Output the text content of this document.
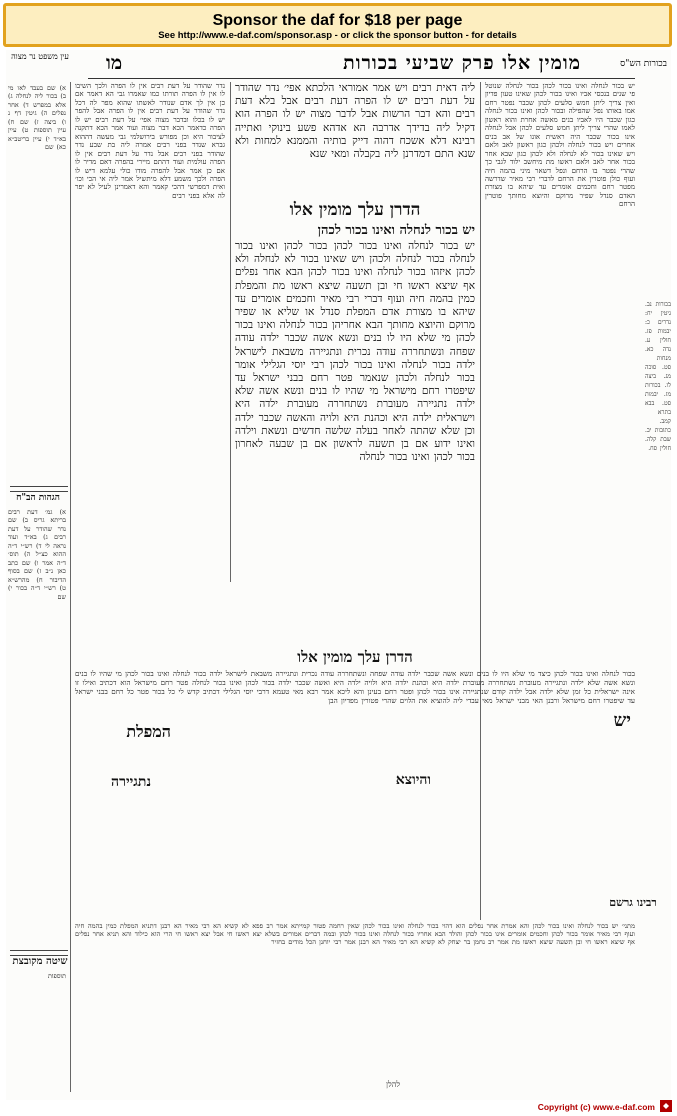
Sponsor the daf for $18 per page
See http://www.e-daf.com/sponsor.asp - or click the sponsor button - for details
בכורות הש"ס
מומין אלו פרק שביעי בכורות
מו
עין משפט נר מצוה
בכורות נב. גיטין יח: נדרים כ: יבמות פז. חולין ע. נדה כא. מנחות סט. סוכה מג. ביצה לו. בכורות מז. יבמות סט. בבא בתרא קמב. כתובות יב. שבת קלה. חולין סח.
יש בכור לנחלה ואינו בכור לכהן בכור לנחלה שנוטל פי שנים בנכסי אביו ואינו בכור לכהן שאינו טעון פדיון ואין צריך ליתן חמש סלעים לכהן שכבר נפטר רחם אמו באותו נפל שהפילה ובכור לכהן ואינו בכור לנחלה כגון שכבר היו לאביו בנים מאשה אחרת והוא ראשון לאמו שהרי צריך ליתן חמש סלעים לכהן אבל לנחלה אינו בכור שכבר היה ראשית אונו של אב בנים אחרים ויש בכור לנחלה ולכהן כגון ראשון לאב ולאם ויש שאינו בכור לא לנחלה ולא לכהן כגון שבא אחר בכור אחר לאב ולאם ראשו מת מיחשב ילוד לגבי כך שהרי נפטר בו הרחם ונפל דשאר מיני בהמה חיה ועוף כולן פוטרין את הרחם לדברי רבי מאיר שדרשה מפטר רחם וחכמים אומרים עד שיהא בו מצורת האדם סנדל שפיר מרוקם והיוצא מחותך פוטרין הרחם
ליה דאית רבים ויש אמר אמוראי הלכתא אפי׳ נדר שהודר על דעת רבים יש לו הפרה דעת רבים אבל בלא דעת רבים והא דבר הרשות אבל לדבר מצוה יש לו הפרה הוא דקיל ליה בדידך אדרבה הא אדהא פשע בינוקי ואתייה רבינא דלא אשכח דהוה דייק בותיה והממנא למחות ולא שנא התם דמדרנן ליה בקבלה ומאי שנא
הדרן עלך מומין אלו
יש בכור לנחלה ואינו בכור לכהן
יש בכור לנחלה ואינו בכור לכהן בכור לכהן ואינו בכור לנחלה בכור לנחלה ולכהן ויש שאינו בכור לא לנחלה ולא לכהן איזהו בכור לנחלה ואינו בכור לכהן הבא אחר נפלים אף שיצא ראשו חי ובן תשעה שיצא ראשו מת והמפלת כמין בהמה חיה ועוף דברי רבי מאיר וחכמים אומרים עד שיהא בו מצורת אדם המפלת סנדל או שליא או שפיר מרוקם והיוצא מחותך הבא אחריהן בכור לנחלה ואינו בכור לכהן מי שלא היו לו בנים ונשא אשה שכבר ילדה עודה שפחה ונשתחררה עודה נכרית ונתגיירה משבאת לישראל ילדה בכור לנחלה ואינו בכור לכהן רבי יוסי הגלילי אומר בכור לנחלה ולכהן שנאמר פטר רחם בבני ישראל עד שיפטרו רחם מישראל מי שהיו לו בנים ונשא אשה שלא ילדה נתגיירה מעוברת נשתחררה מעוברת ילדה היא וישראלית ילדה היא וכהנת היא ולויה והאשה שכבר ילדה וכן שלא שהתה לאחר בעלה שלשה חדשים ונשאת וילדה ואינו ידוע אם בן תשעה לראשון אם בן שבעה לאחרון בכור לכהן ואינו בכור לנחלה
נדר שהודר על דעת רבים אין לו הפרה ולכך השיבו לו אין לו הפרה תורתו כמו שאמרו גבי הא דאמר אם כן אין לך אדם שנודר לאשתו שהוא מפר לה דכל נדר שהודר על דעת רבים אין לו הפרה אבל להפר יש לו בכלו ובדבר מצוה אפי׳ על דעת רבים יש לו הפרה כדאמר הכא דבר מצוה ועוד אמר הכא דתקנה לציבור היא וכן מפורש בירושלמי גבי מעשה דההוא גברא שנדר בפני רבים אמרה ליה בת שבע נדר שהודר בפני רבים אבל נדר על דעת רבים אין לו הפרה עולמית ועוד דהתם מיירי בהפרה דאם מדיר לו אם כן אמר אבל להפרה מודו כולי עלמא דיש לו הפרה ולכך משמע דלא מיתשיל אמר ליה אי הכי וכו׳ ואית דמפרשי דהכי קאמר והא דאמרינן לעיל לא יפר לה אלא בפני רבים
א) שם בעבד לאו מי ב) בכור ליה לנחלה ג) אלא במפרש ד) אחר נפלים ה) גיטין דף נ ו) ביצה ז) שם ח) עיין תוספות ט) עיין בא״ד י) עיין בריטב״א כא) שם
הגהות הב"ח
א) גמ׳ דעת רבים בריתא גריס ב) שם נדר שהודר על דעת רבים ג) בא״ד ועוד נראה לי ד) רש״י ד״ה ההוא כצ״ל ה) תוס׳ ד״ה אמר ו) שם כתב כאן נ״ב ז) שם בסוף הדיבור ח) מהרש״א ט) רש״י ד״ה בכור י) שם
הדרן עלך מומין אלו
בכור לנחלה ואינו בכור לכהן כיצד מי שלא היו לו בנים ונשא אשה שכבר ילדה עודה שפחה ונשתחררה עודה נכרית ונתגיירה משבאת לישראל ילדה בכור לנחלה ואינו בכור לכהן מי שהיו לו בנים ונשא אשה שלא ילדה ונתגיירה מעוברת נשתחררה מעוברת ילדה היא וכהנת ילדה היא ולויה ילדה היא ואשה שכבר ילדה בכור לכהן ואינו בכור לנחלה פטר רחם מישראל הוא דכתיב ואילו זו אינה ישראלית כל זמן שלא ילדה אבל ילדה קודם שנתגיירה אינו בכור לכהן ופטר רחם בעינן והא ליכא אמר רבא מאי טעמא דרבי יוסי הגלילי דכתיב קדש לי כל בכור פטר כל רחם בבני ישראל עד שיפטרו רחם מישראל ורבנן האי מבני ישראל מאי עבדי ליה להוציא את הלוים שהרי פטורין מפדיון הבן
יש
המפלת
והיוצא
נתגיירה
רבינו גרשם
מתני׳ יש בכור לנחלה ואינו בכור לכהן והא אמרת אחר נפלים הוא דהוי בכור לנחלה ואינו בכור לכהן שאין רחמה פטור קמייתא אמר רב פפא לא קשיא הא רבי מאיר הא רבנן דתניא המפלת כמין בהמה חיה ועוף רבי מאיר אומר בכור לכהן וחכמים אומרים אינו בכור לכהן והולד הבא אחריו בכור לנחלה ואינו בכור לכהן ובמה דברים אמורים בשלא יצא ראשו חי אבל יצא ראשו חי הרי הוא כילוד והא תניא אחר נפלים אף שיצא ראשו חי ובן תשעה שיצא ראשו מת אמר רב נחמן בר יצחק לא קשיא הא רבי מאיר הא רבנן אמר רבי יוחנן הכל מודים בחזיר
שיטה מקובצת
תוספות
להלן
Copyright (c) www.e-daf.com
